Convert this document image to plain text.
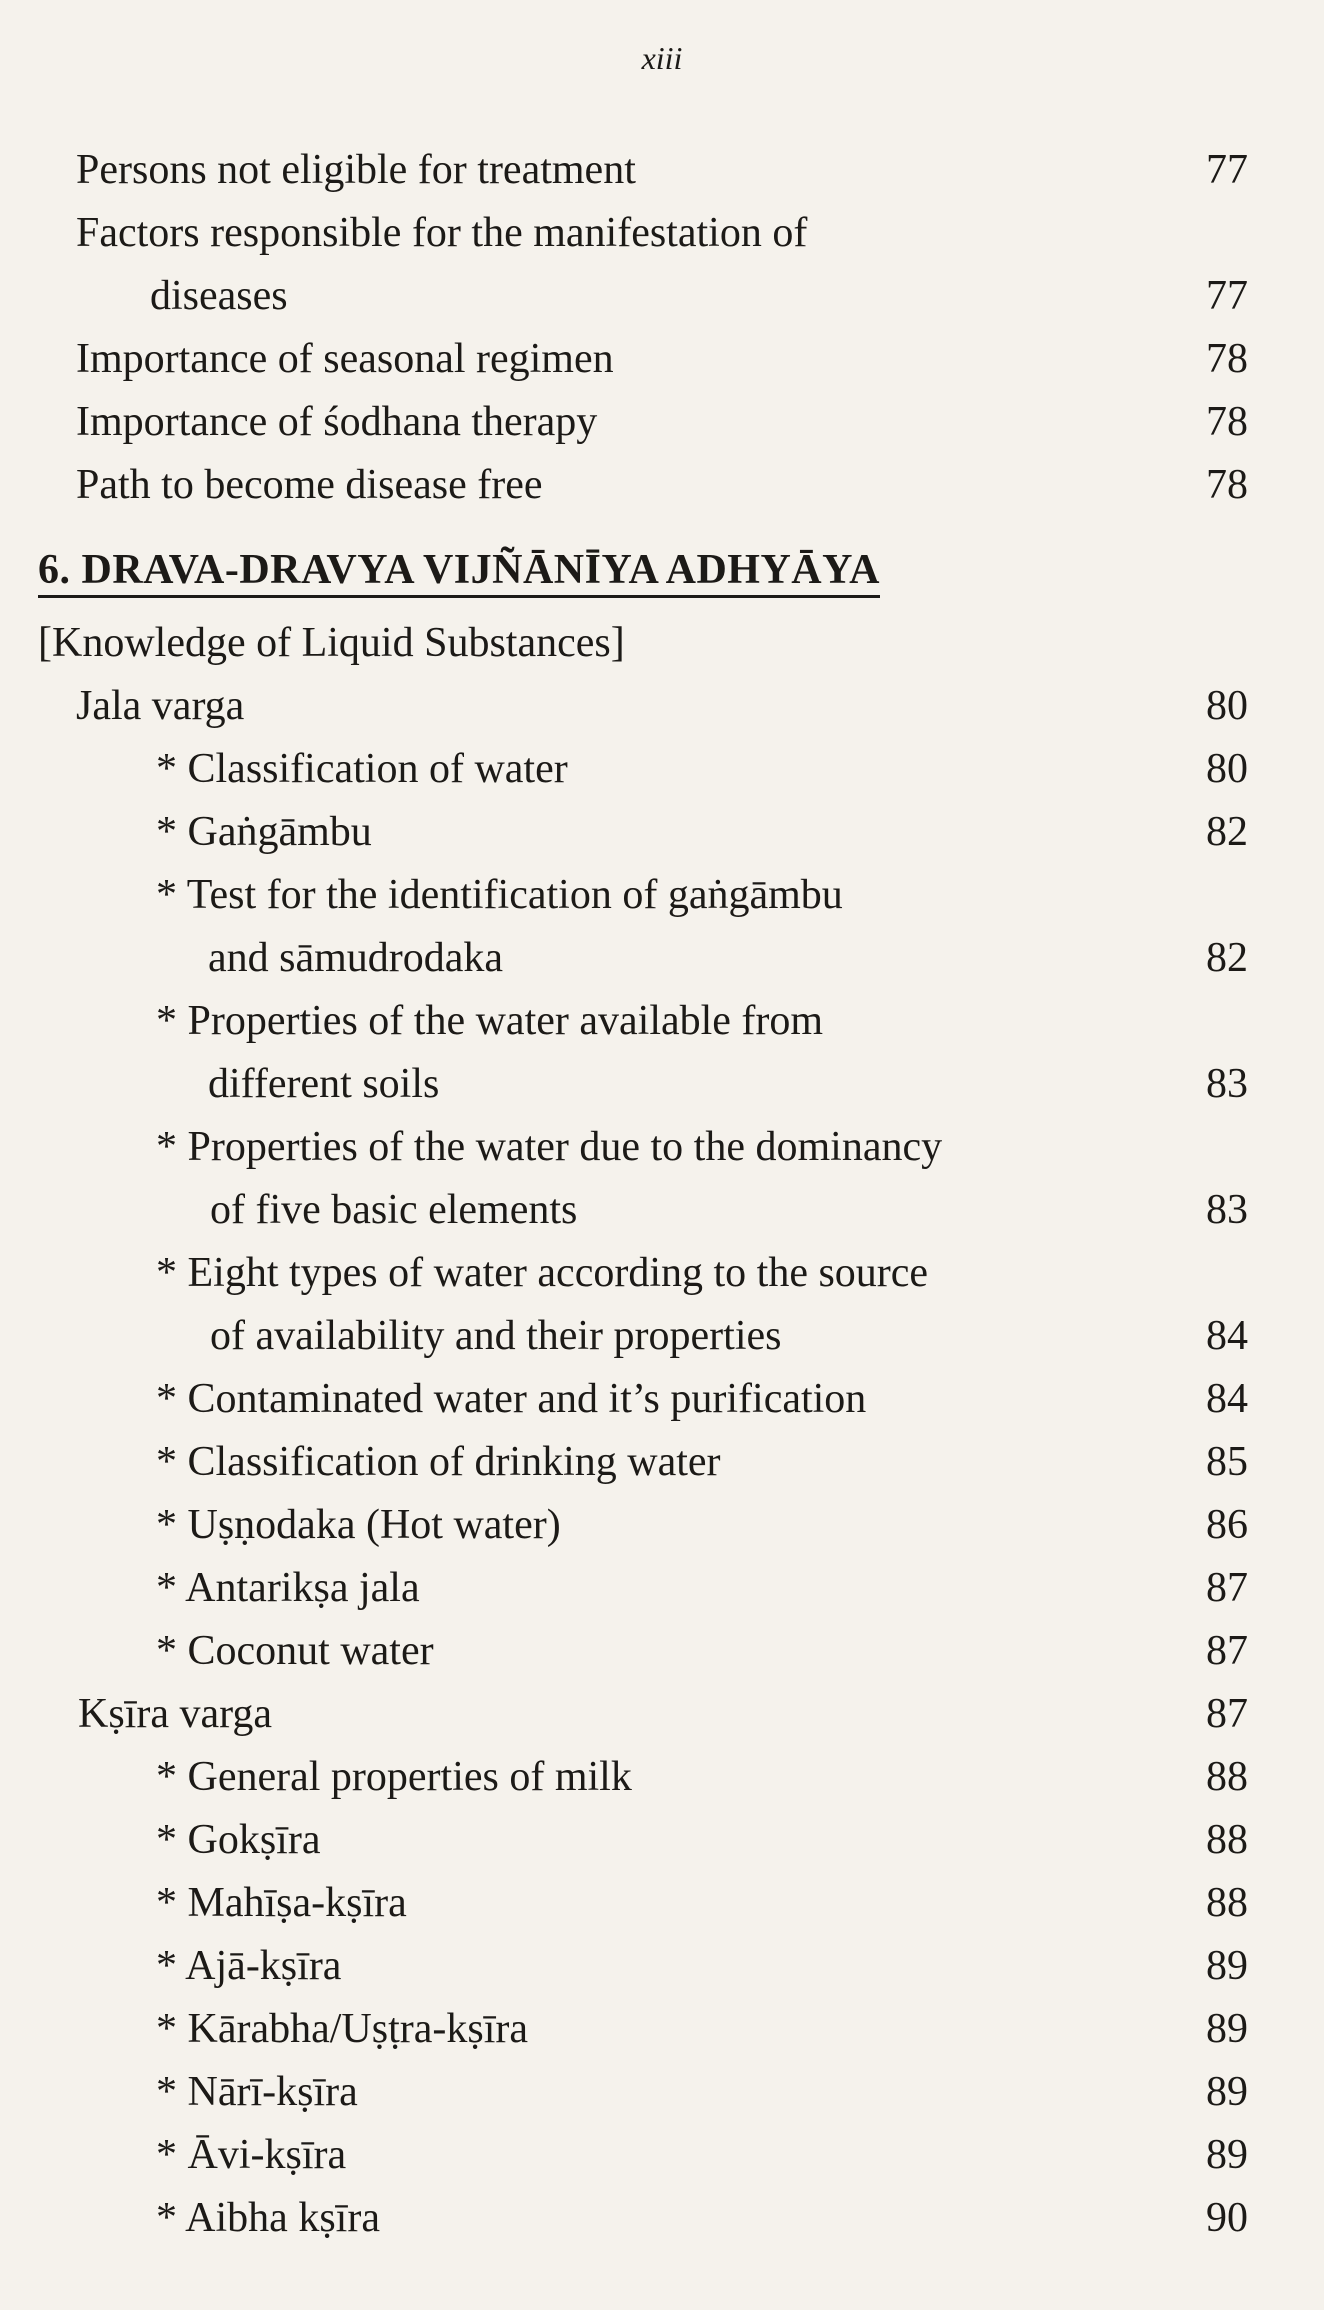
xiii
Persons not eligible for treatment	77
Factors responsible for the manifestation of
diseases	77
Importance of seasonal regimen	78
Importance of śodhana therapy	78
Path to become disease free	78
6. DRAVA-DRAVYA VIJÑĀNĪYA ADHYĀYA
[Knowledge of Liquid Substances]
Jala varga	80
* Classification of water	80
* Gaṅgāmbu	82
* Test for the identification of gaṅgāmbu
and sāmudrodaka	82
* Properties of the water available from
different soils	83
* Properties of the water due to the dominancy
of five basic elements	83
* Eight types of water according to the source
of availability and their properties	84
* Contaminated water and it’s purification	84
* Classification of drinking water	85
* Uṣṇodaka (Hot water)	86
* Antarikṣa jala	87
* Coconut water	87
Kṣīra varga	87
* General properties of milk	88
* Gokṣīra	88
* Mahīṣa-kṣīra	88
* Ajā-kṣīra	89
* Kārabha/Uṣṭra-kṣīra	89
* Nārī-kṣīra	89
* Āvi-kṣīra	89
* Aibha kṣīra	90
